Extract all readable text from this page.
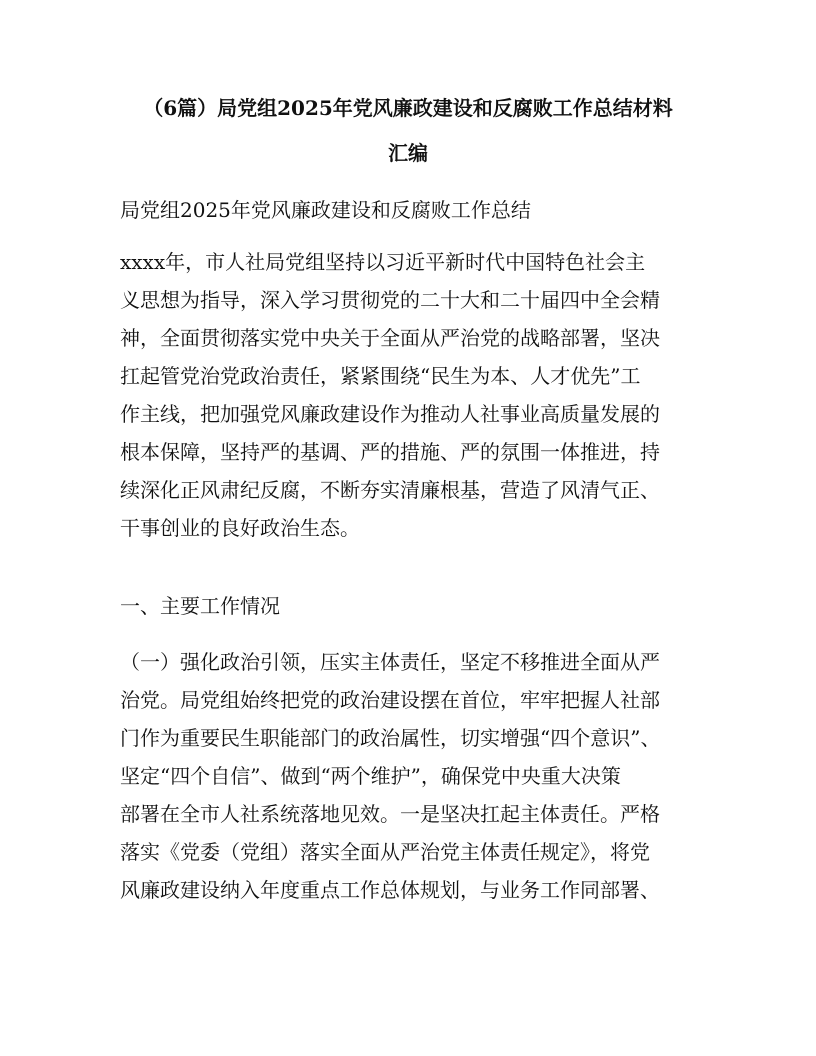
（6篇）局党组2025年党风廉政建设和反腐败工作总结材料
汇编
局党组2025年党风廉政建设和反腐败工作总结
xxxx年，市人社局党组坚持以习近平新时代中国特色社会主
义思想为指导，深入学习贯彻党的二十大和二十届四中全会精
神，全面贯彻落实党中央关于全面从严治党的战略部署，坚决
扛起管党治党政治责任，紧紧围绕“民生为本、人才优先”工
作主线，把加强党风廉政建设作为推动人社事业高质量发展的
根本保障，坚持严的基调、严的措施、严的氛围一体推进，持
续深化正风肃纪反腐，不断夯实清廉根基，营造了风清气正、
干事创业的良好政治生态。
一、主要工作情况
（一）强化政治引领，压实主体责任，坚定不移推进全面从严
治党。局党组始终把党的政治建设摆在首位，牢牢把握人社部
门作为重要民生职能部门的政治属性，切实增强“四个意识”、
坚定“四个自信”、做到“两个维护”，确保党中央重大决策
部署在全市人社系统落地见效。一是坚决扛起主体责任。严格
落实《党委（党组）落实全面从严治党主体责任规定》，将党
风廉政建设纳入年度重点工作总体规划，与业务工作同部署、
